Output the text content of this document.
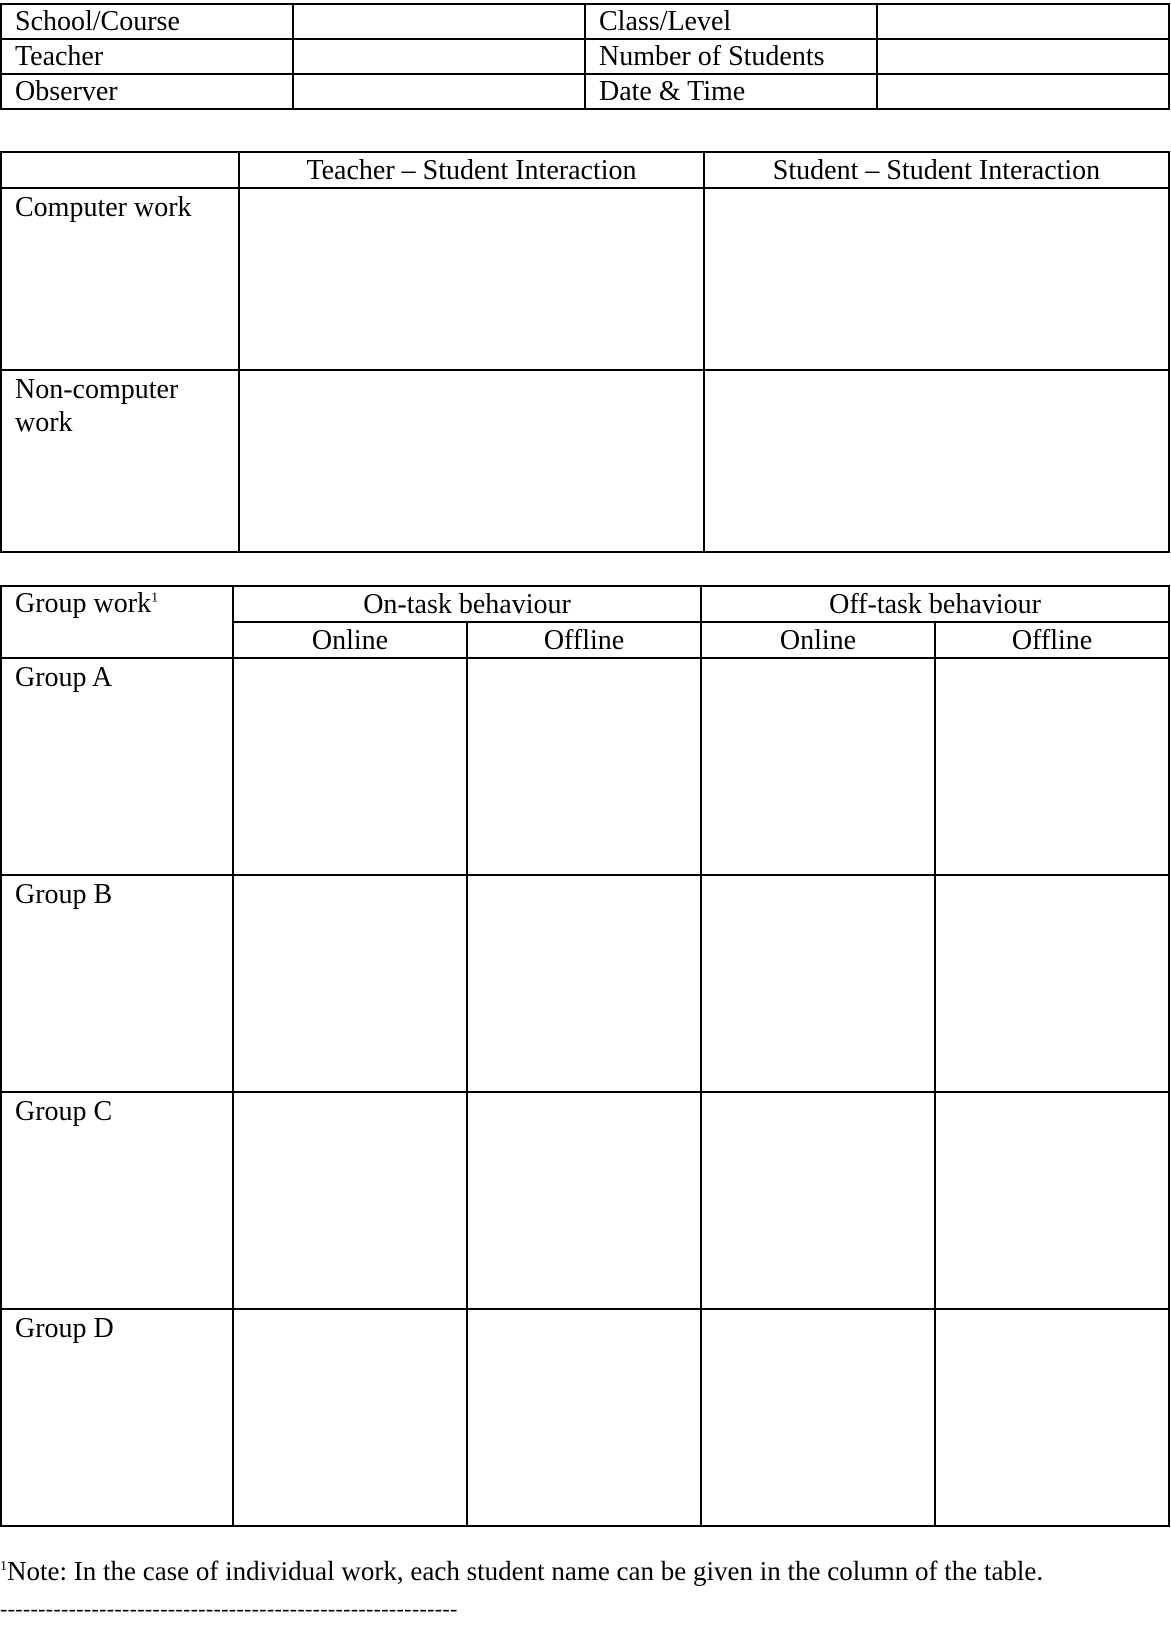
School/Course		Class/Level	
Teacher		Number of Students	
Observer		Date & Time	
	Teacher – Student Interaction	Student – Student Interaction
Computer work		
Non-computer work		
Group work$^1$	On-task behaviour		Off-task behaviour	
	Online	Offline	Online	Offline
Group A				
Group B				
Group C				
Group D				
$^1$Note: In the case of individual work, each student name can be given in the column of the table.
------------------------------------------------------------
